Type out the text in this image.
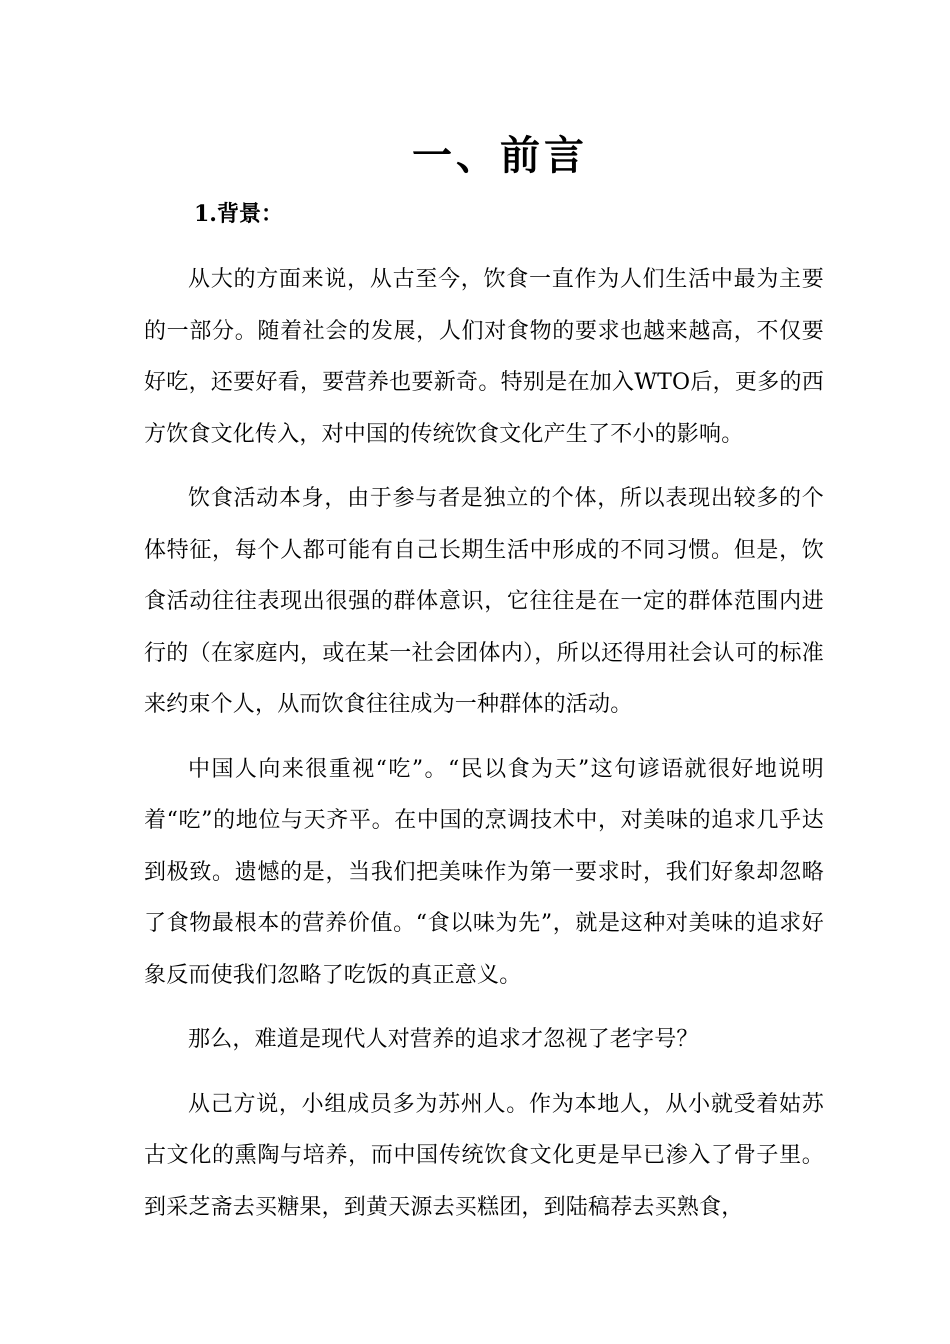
一、前言
1.背景：

从大的方面来说，从古至今，饮食一直作为人们生活中最为主要的一部分。随着社会的发展，人们对食物的要求也越来越高，不仅要好吃，还要好看，要营养也要新奇。特别是在加入WTO后，更多的西方饮食文化传入，对中国的传统饮食文化产生了不小的影响。

饮食活动本身，由于参与者是独立的个体，所以表现出较多的个体特征，每个人都可能有自己长期生活中形成的不同习惯。但是，饮食活动往往表现出很强的群体意识，它往往是在一定的群体范围内进行的（在家庭内，或在某一社会团体内），所以还得用社会认可的标准来约束个人，从而饮食往往成为一种群体的活动。

中国人向来很重视“吃”。“民以食为天”这句谚语就很好地说明着“吃”的地位与天齐平。在中国的烹调技术中，对美味的追求几乎达到极致。遗憾的是，当我们把美味作为第一要求时，我们好象却忽略了食物最根本的营养价值。“食以味为先”，就是这种对美味的追求好象反而使我们忽略了吃饭的真正意义。

那么，难道是现代人对营养的追求才忽视了老字号？

从己方说，小组成员多为苏州人。作为本地人，从小就受着姑苏古文化的熏陶与培养，而中国传统饮食文化更是早已渗入了骨子里。到采芝斋去买糖果，到黄天源去买糕团，到陆稿荐去买熟食，
